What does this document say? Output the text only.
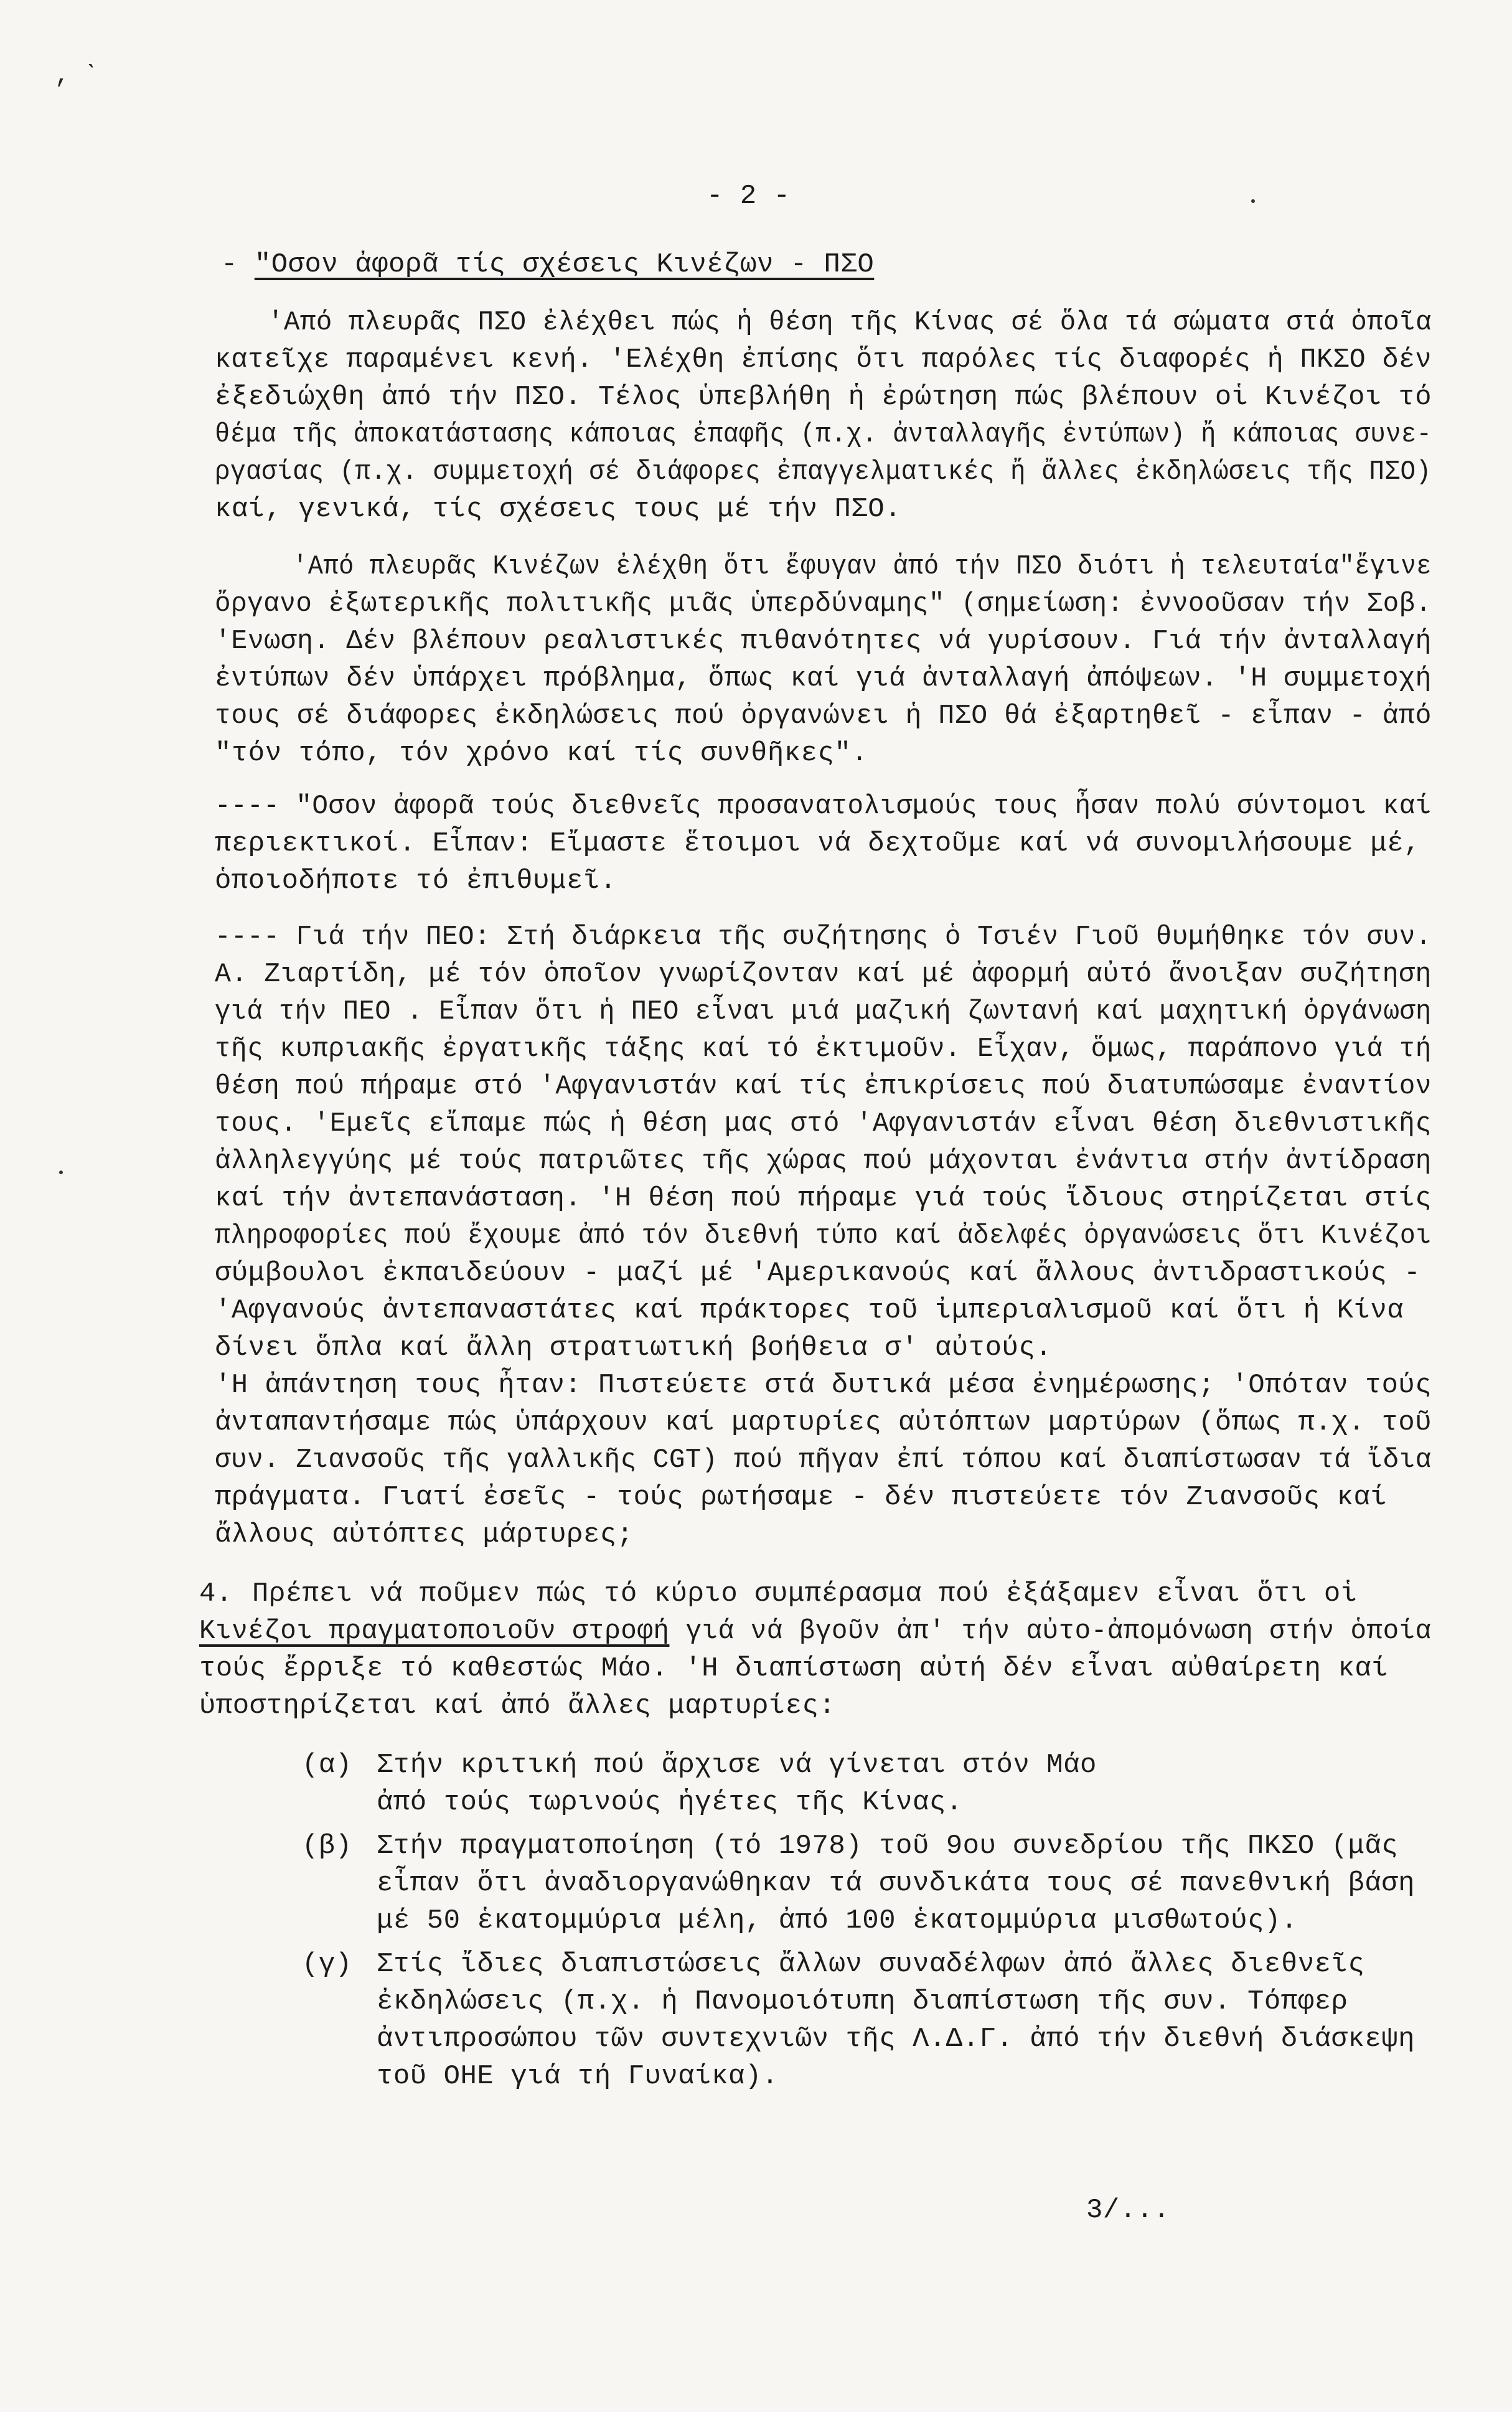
, ˋ
- 2 -
- "Οσον ἀφορᾶ τίς σχέσεις Κινέζων - ΠΣΟ
'Από πλευρᾶς ΠΣΟ ἐλέχθει πώς ἡ θέση τῆς Κίνας σέ ὅλα τά σώματα στά ὁποῖα
κατεῖχε παραμένει κενή. 'Ελέχθη ἐπίσης ὅτι παρόλες τίς διαφορές ἡ ΠΚΣΟ δέν
ἐξεδιώχθη ἀπό τήν ΠΣΟ. Τέλος ὑπεβλήθη ἡ ἐρώτηση πώς βλέπουν οἱ Κινέζοι τό
θέμα τῆς ἀποκατάστασης κάποιας ἐπαφῆς (π.χ. ἀνταλλαγῆς ἐντύπων) ἤ κάποιας συνε-
ργασίας (π.χ. συμμετοχή σέ διάφορες ἐπαγγελματικές ἤ ἄλλες ἐκδηλώσεις τῆς ΠΣΟ)
καί, γενικά, τίς σχέσεις τους μέ τήν ΠΣΟ.
'Από πλευρᾶς Κινέζων ἐλέχθη ὅτι ἔφυγαν ἀπό τήν ΠΣΟ διότι ἡ τελευταία"ἔγινε
ὄργανο ἐξωτερικῆς πολιτικῆς μιᾶς ὑπερδύναμης" (σημείωση: ἐννοοῦσαν τήν Σοβ.
'Ενωση. Δέν βλέπουν ρεαλιστικές πιθανότητες νά γυρίσουν. Γιά τήν ἀνταλλαγή
ἐντύπων δέν ὑπάρχει πρόβλημα, ὅπως καί γιά ἀνταλλαγή ἀπόψεων. 'Η συμμετοχή
τους σέ διάφορες ἐκδηλώσεις πού ὀργανώνει ἡ ΠΣΟ θά ἐξαρτηθεῖ - εἶπαν - ἀπό
"τόν τόπο, τόν χρόνο καί τίς συνθῆκες".
---- "Οσον ἀφορᾶ τούς διεθνεῖς προσανατολισμούς τους ἦσαν πολύ σύντομοι καί
περιεκτικοί. Εἶπαν: Εἴμαστε ἕτοιμοι νά δεχτοῦμε καί νά συνομιλήσουμε μέ,
ὁποιοδήποτε τό ἐπιθυμεῖ.
---- Γιά τήν ΠΕΟ: Στή διάρκεια τῆς συζήτησης ὁ Τσιέν Γιοῦ θυμήθηκε τόν συν.
Α. Ζιαρτίδη, μέ τόν ὁποῖον γνωρίζονταν καί μέ ἀφορμή αὐτό ἄνοιξαν συζήτηση
γιά τήν ΠΕΟ . Εἶπαν ὅτι ἡ ΠΕΟ εἶναι μιά μαζική ζωντανή καί μαχητική ὀργάνωση
τῆς κυπριακῆς ἐργατικῆς τάξης καί τό ἐκτιμοῦν. Εἶχαν, ὅμως, παράπονο γιά τή
θέση πού πήραμε στό 'Αφγανιστάν καί τίς ἐπικρίσεις πού διατυπώσαμε ἐναντίον
τους. 'Εμεῖς εἴπαμε πώς ἡ θέση μας στό 'Αφγανιστάν εἶναι θέση διεθνιστικῆς
ἀλληλεγγύης μέ τούς πατριῶτες τῆς χώρας πού μάχονται ἐνάντια στήν ἀντίδραση
καί τήν ἀντεπανάσταση. 'Η θέση πού πήραμε γιά τούς ἴδιους στηρίζεται στίς
πληροφορίες πού ἔχουμε ἀπό τόν διεθνή τύπο καί ἀδελφές ὀργανώσεις ὅτι Κινέζοι
σύμβουλοι ἐκπαιδεύουν - μαζί μέ 'Αμερικανούς καί ἄλλους ἀντιδραστικούς -
'Αφγανούς ἀντεπαναστάτες καί πράκτορες τοῦ ἰμπεριαλισμοῦ καί ὅτι ἡ Κίνα
δίνει ὅπλα καί ἄλλη στρατιωτική βοήθεια σ' αὐτούς.
'Η ἀπάντηση τους ἦταν: Πιστεύετε στά δυτικά μέσα ἐνημέρωσης; 'Οπόταν τούς
ἀνταπαντήσαμε πώς ὑπάρχουν καί μαρτυρίες αὐτόπτων μαρτύρων (ὅπως π.χ. τοῦ
συν. Ζιανσοῦς τῆς γαλλικῆς CGT) πού πῆγαν ἐπί τόπου καί διαπίστωσαν τά ἴδια
πράγματα. Γιατί ἐσεῖς - τούς ρωτήσαμε - δέν πιστεύετε τόν Ζιανσοῦς καί
ἄλλους αὐτόπτες μάρτυρες;
4. Πρέπει νά ποῦμεν πώς τό κύριο συμπέρασμα πού ἐξάξαμεν εἶναι ὅτι οἱ
Κινέζοι πραγματοποιοῦν στροφή γιά νά βγοῦν ἀπ' τήν αὐτο-ἀπομόνωση στήν ὁποία
τούς ἔρριξε τό καθεστώς Μάο. 'Η διαπίστωση αὐτή δέν εἶναι αὐθαίρετη καί
ὑποστηρίζεται καί ἀπό ἄλλες μαρτυρίες:
(α) Στήν κριτική πού ἄρχισε νά γίνεται στόν Μάο
ἀπό τούς τωρινούς ἡγέτες τῆς Κίνας.
(β) Στήν πραγματοποίηση (τό 1978) τοῦ 9ου συνεδρίου τῆς ΠΚΣΟ (μᾶς
εἶπαν ὅτι ἀναδιοργανώθηκαν τά συνδικάτα τους σέ πανεθνική βάση
μέ 50 ἑκατομμύρια μέλη, ἀπό 100 ἑκατομμύρια μισθωτούς).
(γ) Στίς ἴδιες διαπιστώσεις ἄλλων συναδέλφων ἀπό ἄλλες διεθνεῖς
ἐκδηλώσεις (π.χ. ἡ Πανομοιότυπη διαπίστωση τῆς συν. Τόπφερ
ἀντιπροσώπου τῶν συντεχνιῶν τῆς Λ.Δ.Γ. ἀπό τήν διεθνή διάσκεψη
τοῦ ΟΗΕ γιά τή Γυναίκα).
3/...
